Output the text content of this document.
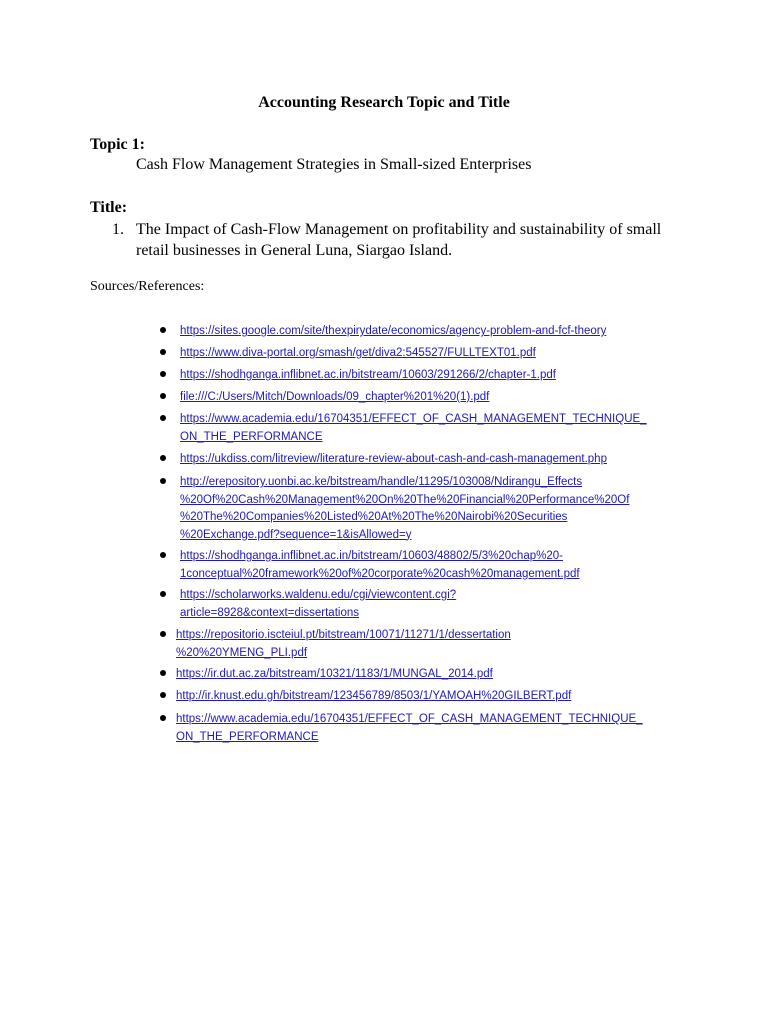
Accounting Research Topic and Title
Topic 1:
Cash Flow Management Strategies in Small-sized Enterprises
Title:
1. The Impact of Cash-Flow Management on profitability and sustainability of small retail businesses in General Luna, Siargao Island.
Sources/References:
https://sites.google.com/site/thexpirydate/economics/agency-problem-and-fcf-theory
https://www.diva-portal.org/smash/get/diva2:545527/FULLTEXT01.pdf
https://shodhganga.inflibnet.ac.in/bitstream/10603/291266/2/chapter-1.pdf
file:///C:/Users/Mitch/Downloads/09_chapter%201%20(1).pdf
https://www.academia.edu/16704351/EFFECT_OF_CASH_MANAGEMENT_TECHNIQUE_
ON_THE_PERFORMANCE
https://ukdiss.com/litreview/literature-review-about-cash-and-cash-management.php
http://erepository.uonbi.ac.ke/bitstream/handle/11295/103008/Ndirangu_Effects
%20Of%20Cash%20Management%20On%20The%20Financial%20Performance%20Of
%20The%20Companies%20Listed%20At%20The%20Nairobi%20Securities
%20Exchange.pdf?sequence=1&isAllowed=y
https://shodhganga.inflibnet.ac.in/bitstream/10603/48802/5/3%20chap%20-
1conceptual%20framework%20of%20corporate%20cash%20management.pdf
https://scholarworks.waldenu.edu/cgi/viewcontent.cgi?
article=8928&context=dissertations
https://repositorio.iscteiul.pt/bitstream/10071/11271/1/dessertation
%20%20YMENG_PLI.pdf
https://ir.dut.ac.za/bitstream/10321/1183/1/MUNGAL_2014.pdf
http://ir.knust.edu.gh/bitstream/123456789/8503/1/YAMOAH%20GILBERT.pdf
https://www.academia.edu/16704351/EFFECT_OF_CASH_MANAGEMENT_TECHNIQUE_
ON_THE_PERFORMANCE
